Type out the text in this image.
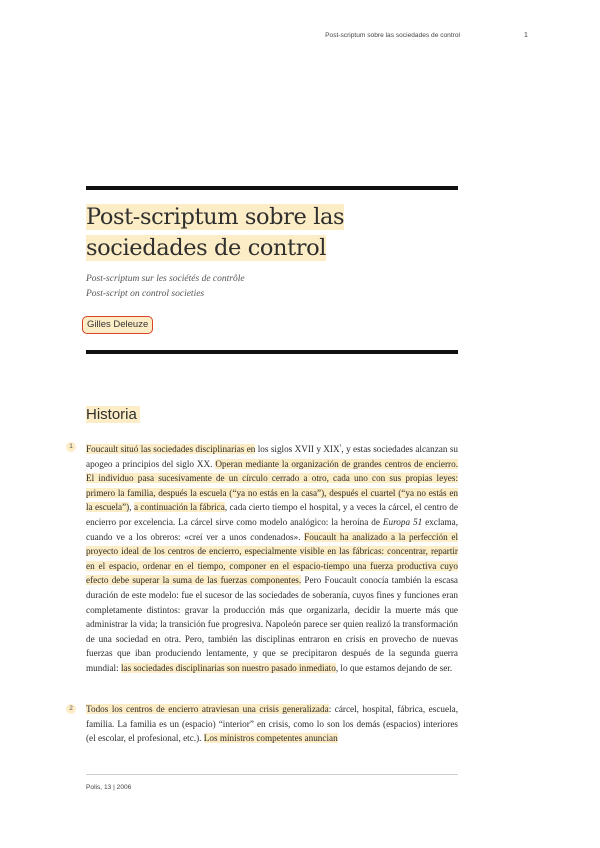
Post-scriptum sobre las sociedades de control	1
Post-scriptum sobre las sociedades de control
Post-scriptum sur les sociétés de contrôle
Post-script on control societies
Gilles Deleuze
Historia
1	Foucault situó las sociedades disciplinarias en los siglos XVII y $XIX^{^1}$, y estas sociedades alcanzan su apogeo a principios del siglo XX. Operan mediante la organización de grandes centros de encierro. El individuo pasa sucesivamente de un círculo cerrado a otro, cada uno con sus propias leyes: primero la familia, después la escuela (“ya no estás en la casa”), después el cuartel (“ya no estás en la escuela”), a continuación la fábrica, cada cierto tiempo el hospital, y a veces la cárcel, el centro de encierro por excelencia. La cárcel sirve como modelo analógico: la heroína de Europa 51 exclama, cuando ve a los obreros: «creí ver a unos condenados». Foucault ha analizado a la perfección el proyecto ideal de los centros de encierro, especialmente visible en las fábricas: concentrar, repartir en el espacio, ordenar en el tiempo, componer en el espacio-tiempo una fuerza productiva cuyo efecto debe superar la suma de las fuerzas componentes. Pero Foucault conocía también la escasa duración de este modelo: fue el sucesor de las sociedades de soberanía, cuyos fines y funciones eran completamente distintos: gravar la producción más que organizarla, decidir la muerte más que administrar la vida; la transición fue progresiva. Napoleón parece ser quien realizó la transformación de una sociedad en otra. Pero, también las disciplinas entraron en crisis en provecho de nuevas fuerzas que iban produciendo lentamente, y que se precipitaron después de la segunda guerra mundial: las sociedades disciplinarias son nuestro pasado inmediato, lo que estamos dejando de ser.

2	Todos los centros de encierro atraviesan una crisis generalizada: cárcel, hospital, fábrica, escuela, familia. La familia es un (espacio) “interior” en crisis, como lo son los demás (espacios) interiores (el escolar, el profesional, etc.). Los ministros competentes anuncian

Polis, 13 | 2006
